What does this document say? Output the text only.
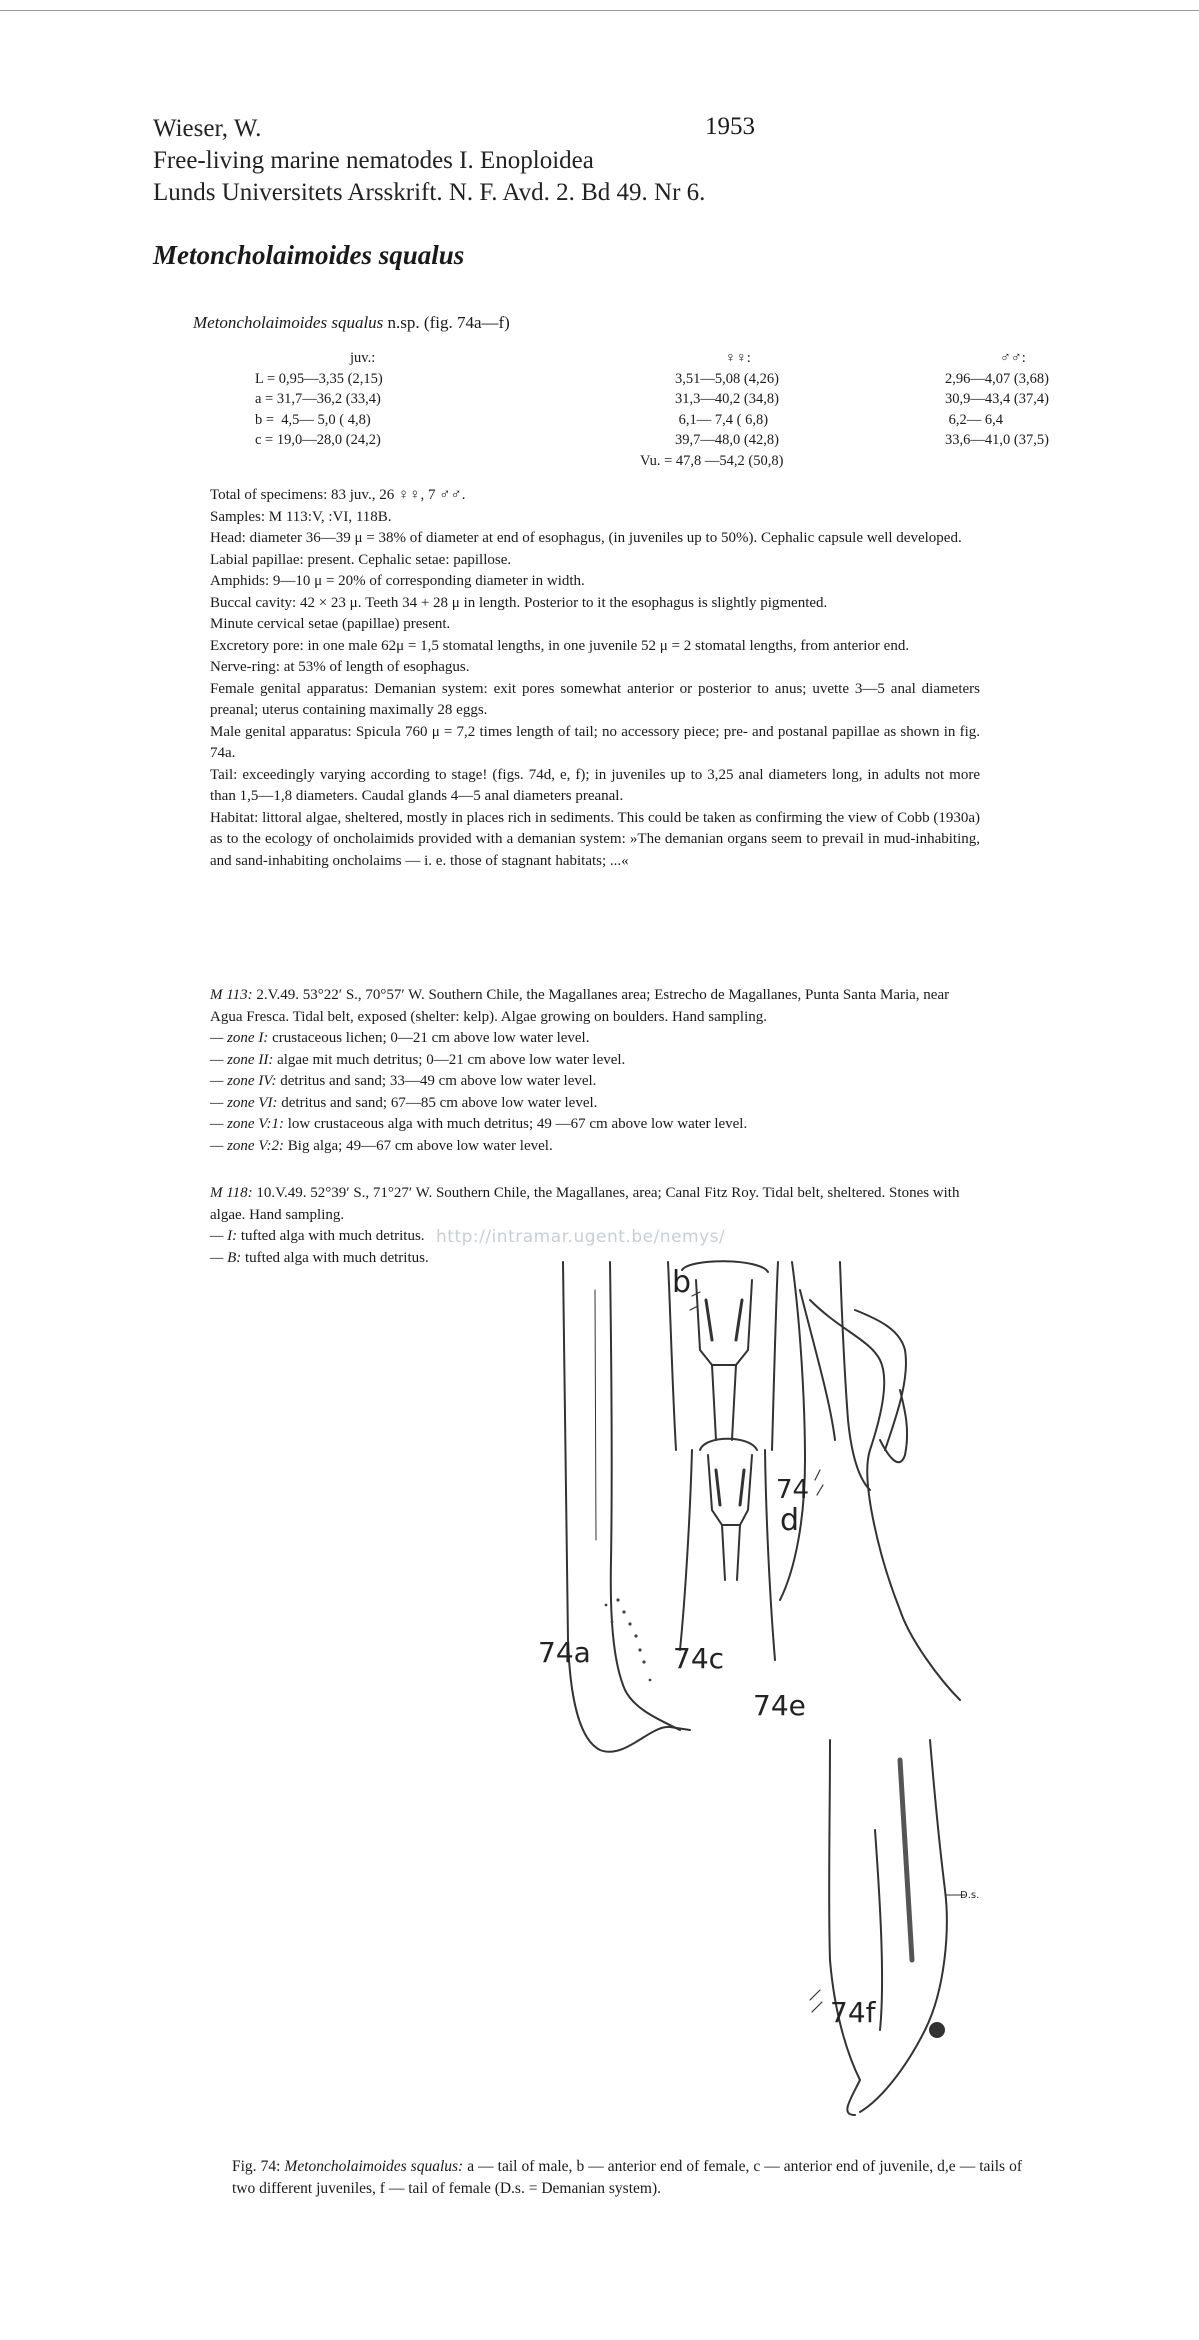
Wieser, W.	1953
Free-living marine nematodes I. Enoploidea
Lunds Universitets Arsskrift. N. F. Avd. 2. Bd 49. Nr 6.
Metoncholaimoides squalus
Metoncholaimoides squalus n.sp. (fig. 74a—f)
juv.:	♀♀:	♂♂:
L = 0,95—3,35 (2,15)	3,51—5,08 (4,26)	2,96—4,07 (3,68)
a = 31,7—36,2 (33,4)	31,3—40,2 (34,8)	30,9—43,4 (37,4)
b =  4,5— 5,0 ( 4,8)	6,1— 7,4 ( 6,8)	6,2— 6,4
c = 19,0—28,0 (24,2)	39,7—48,0 (42,8)	33,6—41,0 (37,5)
	Vu. = 47,8 —54,2 (50,8)	

Total of specimens: 83 juv., 26 ♀♀, 7 ♂♂.

Samples: M 113:V, :VI, 118B.

Head: diameter 36—39 μ = 38% of diameter at end of esophagus, (in juveniles up to 50%). Cephalic capsule well developed.

Labial papillae: present. Cephalic setae: papillose.

Amphids: 9—10 μ = 20% of corresponding diameter in width.

Buccal cavity: 42 × 23 μ. Teeth 34 + 28 μ in length. Posterior to it the esophagus is slightly pigmented.

Minute cervical setae (papillae) present.

Excretory pore: in one male 62μ = 1,5 stomatal lengths, in one juvenile 52 μ = 2 stomatal lengths, from anterior end.

Nerve-ring: at 53% of length of esophagus.

Female genital apparatus: Demanian system: exit pores somewhat anterior or posterior to anus; uvette 3—5 anal diameters preanal; uterus containing maximally 28 eggs.

Male genital apparatus: Spicula 760 μ = 7,2 times length of tail; no accessory piece; pre- and postanal papillae as shown in fig. 74a.

Tail: exceedingly varying according to stage! (figs. 74d, e, f); in juveniles up to 3,25 anal diameters long, in adults not more than 1,5—1,8 diameters. Caudal glands 4—5 anal diameters preanal.

Habitat: littoral algae, sheltered, mostly in places rich in sediments. This could be taken as confirming the view of Cobb (1930a) as to the ecology of oncholaimids provided with a demanian system: »The demanian organs seem to prevail in mud-inhabiting, and sand-inhabiting oncholaims — i. e. those of stagnant habitats; ...«

M 113: 2.V.49. 53°22′ S., 70°57′ W. Southern Chile, the Magallanes area; Estrecho de Magallanes, Punta Santa Maria, near Agua Fresca. Tidal belt, exposed (shelter: kelp). Algae growing on boulders. Hand sampling.

— zone I: crustaceous lichen; 0—21 cm above low water level.

— zone II: algae mit much detritus; 0—21 cm above low water level.

— zone IV: detritus and sand; 33—49 cm above low water level.

— zone VI: detritus and sand; 67—85 cm above low water level.

— zone V:1: low crustaceous alga with much detritus; 49 —67 cm above low water level.

— zone V:2: Big alga; 49—67 cm above low water level.

M 118: 10.V.49. 52°39′ S., 71°27′ W. Southern Chile, the Magallanes, area; Canal Fitz Roy. Tidal belt, sheltered. Stones with algae. Hand sampling.

— I: tufted alga with much detritus.

— B: tufted alga with much detritus.

http://intramar.ugent.be/nemys/
74a
b
74c
74
d
74e
74f
D.s.
Fig. 74: Metoncholaimoides squalus: a — tail of male, b — anterior end of female, c — anterior end of juvenile, d,e — tails of two different juveniles, f — tail of female (D.s. = Demanian system).
